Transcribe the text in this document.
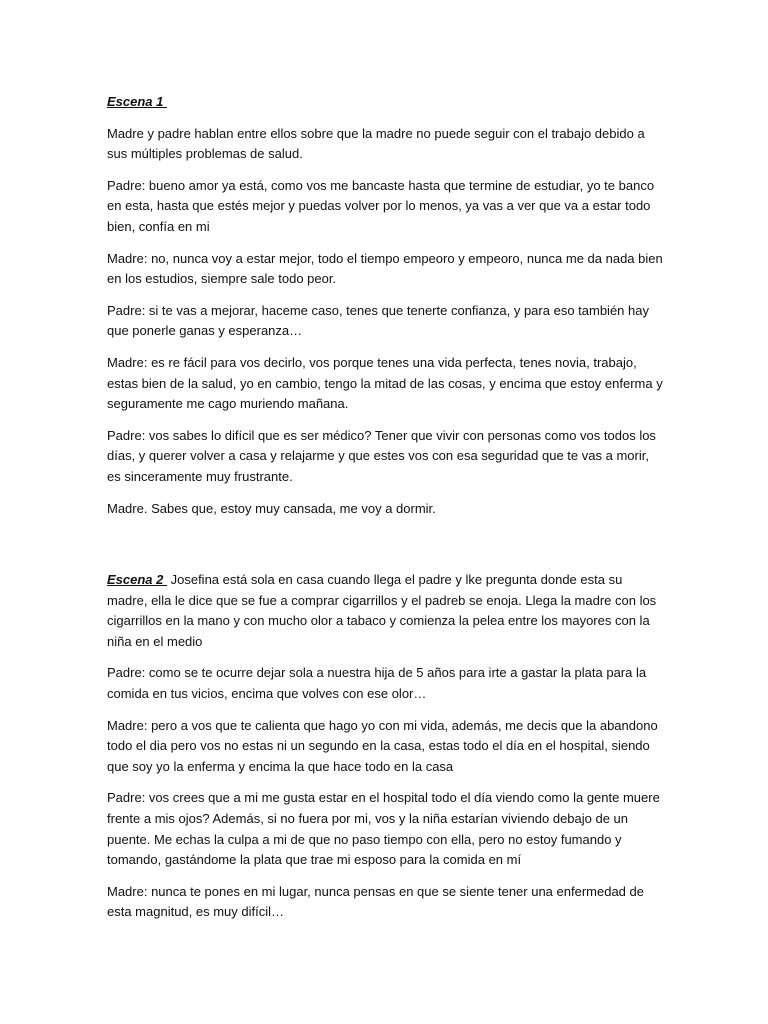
Escena 1

Madre y padre hablan entre ellos sobre que la madre no puede seguir con el trabajo debido a sus múltiples problemas de salud.

Padre: bueno amor ya está, como vos me bancaste hasta que termine de estudiar, yo te banco en esta, hasta que estés mejor y puedas volver por lo menos, ya vas a ver que va a estar todo bien, confía en mi

Madre: no, nunca voy a estar mejor, todo el tiempo empeoro y empeoro, nunca me da nada bien en los estudios, siempre sale todo peor.

Padre: si te vas a mejorar, haceme caso, tenes que tenerte confianza, y para eso también hay que ponerle ganas y esperanza…

Madre: es re fácil para vos decirlo, vos porque tenes una vida perfecta, tenes novia, trabajo, estas bien de la salud, yo en cambio, tengo la mitad de las cosas, y encima que estoy enferma y seguramente me cago muriendo mañana.

Padre: vos sabes lo difícil que es ser médico? Tener que vivir con personas como vos todos los días, y querer volver a casa y relajarme y que estes vos con esa seguridad que te vas a morir, es sinceramente muy frustrante.

Madre. Sabes que, estoy muy cansada, me voy a dormir.

Escena 2  Josefina está sola en casa cuando llega el padre y lke pregunta donde esta su madre, ella le dice que se fue a comprar cigarrillos y el padreb se enoja. Llega la madre con los cigarrillos en la mano y con mucho olor a tabaco y comienza la pelea entre los mayores con la niña en el medio

Padre: como se te ocurre dejar sola a nuestra hija de 5 años para irte a gastar la plata para la comida en tus vicios, encima que volves con ese olor…

Madre: pero a vos que te calienta que hago yo con mi vida, además, me decis que la abandono todo el dia pero vos no estas ni un segundo en la casa, estas todo el día en el hospital, siendo que soy yo la enferma y encima la que hace todo en la casa

Padre: vos crees que a mi me gusta estar en el hospital todo el día viendo como la gente muere frente a mis ojos? Además, si no fuera por mi, vos y la niña estarían viviendo debajo de un puente. Me echas la culpa a mi de que no paso tiempo con ella, pero no estoy fumando y tomando, gastándome la plata que trae mi esposo para la comida en mí

Madre: nunca te pones en mi lugar, nunca pensas en que se siente tener una enfermedad de esta magnitud, es muy difícil…
